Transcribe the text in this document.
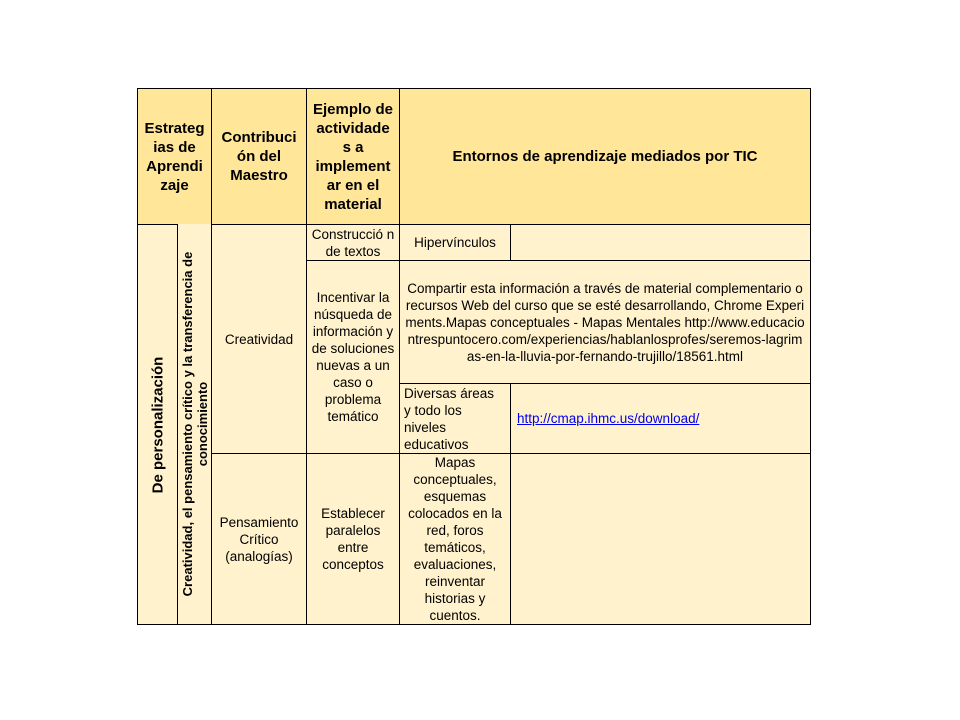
Estrateg ias de Aprendi zaje
Contribuci ón del Maestro
Ejemplo de actividade s a implement ar en el material
Entornos de aprendizaje mediados por TIC
De personalización Creatividad, el pensamiento crítico y la transferencia de conocimiento
Creatividad
Construcció n de textos
Hipervínculos
Incentivar la núsqueda de información y de soluciones nuevas a un caso o problema temático
Compartir esta información a través de material complementario o recursos Web del curso que se esté desarrollando, Chrome Experiments.Mapas conceptuales - Mapas Mentales http://www.educaciontrespuntocero.com/experiencias/hablanlosprofes/seremos-lagrimas-en-la-lluvia-por-fernando-trujillo/18561.html
Diversas áreas y todo los niveles educativos
http://cmap.ihmc.us/download/
Pensamiento Crítico (analogías)
Establecer paralelos entre conceptos
Mapas conceptuales, esquemas colocados en la red, foros temáticos, evaluaciones, reinventar historias y cuentos.
